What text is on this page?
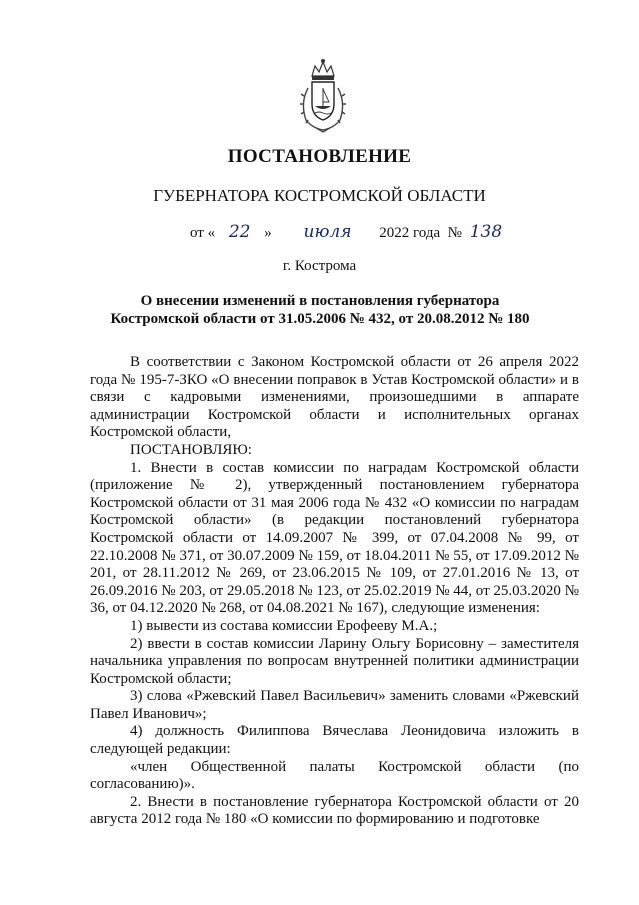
ПОСТАНОВЛЕНИЕ
ГУБЕРНАТОРА КОСТРОМСКОЙ ОБЛАСТИ
от « 22 » июля 2022 года  № 138
г. Кострома
О внесении изменений в постановления губернатора
Костромской области от 31.05.2006 № 432, от 20.08.2012 № 180

В соответствии с Законом Костромской области от 26 апреля 2022 года № 195-7-ЗКО «О внесении поправок в Устав Костромской области» и в связи с кадровыми изменениями, произошедшими в аппарате администрации Костромской области и исполнительных органах Костромской области,

ПОСТАНОВЛЯЮ:

1. Внести в состав комиссии по наградам Костромской области (приложение № 2), утвержденный постановлением губернатора Костромской области от 31 мая 2006 года № 432 «О комиссии по наградам Костромской области» (в редакции постановлений губернатора Костромской области от 14.09.2007 № 399, от 07.04.2008 № 99, от 22.10.2008 № 371, от 30.07.2009 № 159, от 18.04.2011 № 55, от 17.09.2012 № 201, от 28.11.2012 № 269, от 23.06.2015 № 109, от 27.01.2016 № 13, от 26.09.2016 № 203, от 29.05.2018 № 123, от 25.02.2019 № 44, от 25.03.2020 № 36, от 04.12.2020 № 268, от 04.08.2021 № 167), следующие изменения:

1) вывести из состава комиссии Ерофееву М.А.;

2) ввести в состав комиссии Ларину Ольгу Борисовну – заместителя начальника управления по вопросам внутренней политики администрации Костромской области;

3) слова «Ржевский Павел Васильевич» заменить словами «Ржевский Павел Иванович»;

4) должность Филиппова Вячеслава Леонидовича изложить в следующей редакции:

«член Общественной палаты Костромской области (по согласованию)».

2. Внести в постановление губернатора Костромской области от 20 августа 2012 года № 180 «О комиссии по формированию и подготовке
